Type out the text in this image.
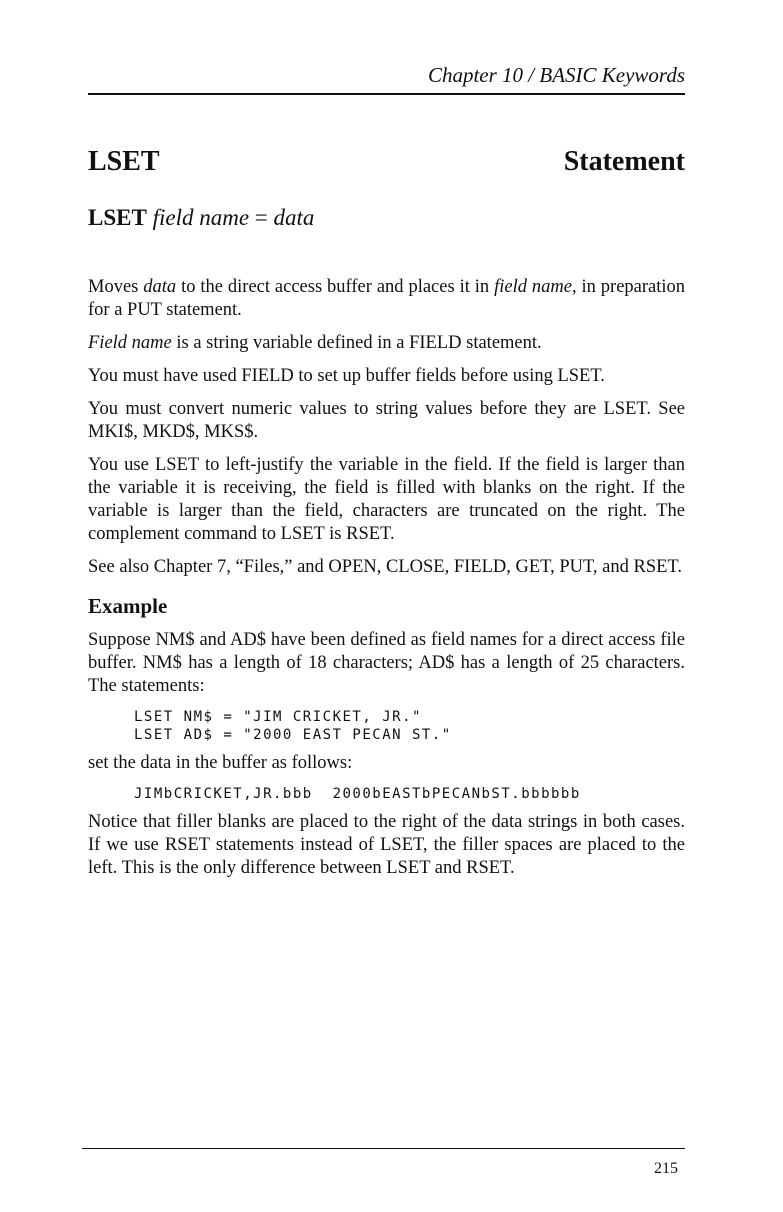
Chapter 10 / BASIC Keywords
LSET	Statement
LSET field name = data

Moves data to the direct access buffer and places it in field name, in preparation for a PUT statement.

Field name is a string variable defined in a FIELD statement.

You must have used FIELD to set up buffer fields before using LSET.

You must convert numeric values to string values before they are LSET. See MKI$, MKD$, MKS$.

You use LSET to left-justify the variable in the field. If the field is larger than the variable it is receiving, the field is filled with blanks on the right. If the variable is larger than the field, characters are truncated on the right. The complement command to LSET is RSET.

See also Chapter 7, “Files,” and OPEN, CLOSE, FIELD, GET, PUT, and RSET.

Example

Suppose NM$ and AD$ have been defined as field names for a direct access file buffer. NM$ has a length of 18 characters; AD$ has a length of 25 characters. The statements:

LSET NM$ = "JIM CRICKET, JR."
LSET AD$ = "2000 EAST PECAN ST."

set the data in the buffer as follows:

JIMbCRICKET,JR.bbb  2000bEASTbPECANbST.bbbbbb

Notice that filler blanks are placed to the right of the data strings in both cases. If we use RSET statements instead of LSET, the filler spaces are placed to the left. This is the only difference between LSET and RSET.

215
